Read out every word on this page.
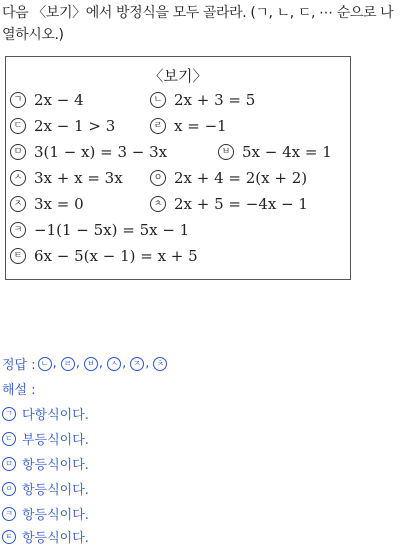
다음 〈보기〉에서 방정식을 모두 골라라. (ㄱ, ㄴ, ㄷ, ⋯ 순으로 나열하시오.)
〈보기〉
ㄱ 2x − 4	ㄴ 2x + 3 = 5
ㄷ 2x − 1 > 3	ㄹ x = −1
ㅁ 3(1 − x) = 3 − 3x	ㅂ 5x − 4x = 1
ㅅ 3x + x = 3x	ㅇ 2x + 4 = 2(x + 2)
ㅈ 3x = 0	ㅊ 2x + 5 = −4x − 1
ㅋ −1(1 − 5x) = 5x − 1
ㅌ 6x − 5(x − 1) = x + 5
정답 : ㄴ , ㄹ , ㅂ , ㅅ , ㅈ , ㅊ
해설 :
ㄱ 다항식이다.
ㄷ 부등식이다.
ㅁ 항등식이다.
ㅇ 항등식이다.
ㅋ 항등식이다.
ㅌ 항등식이다.
